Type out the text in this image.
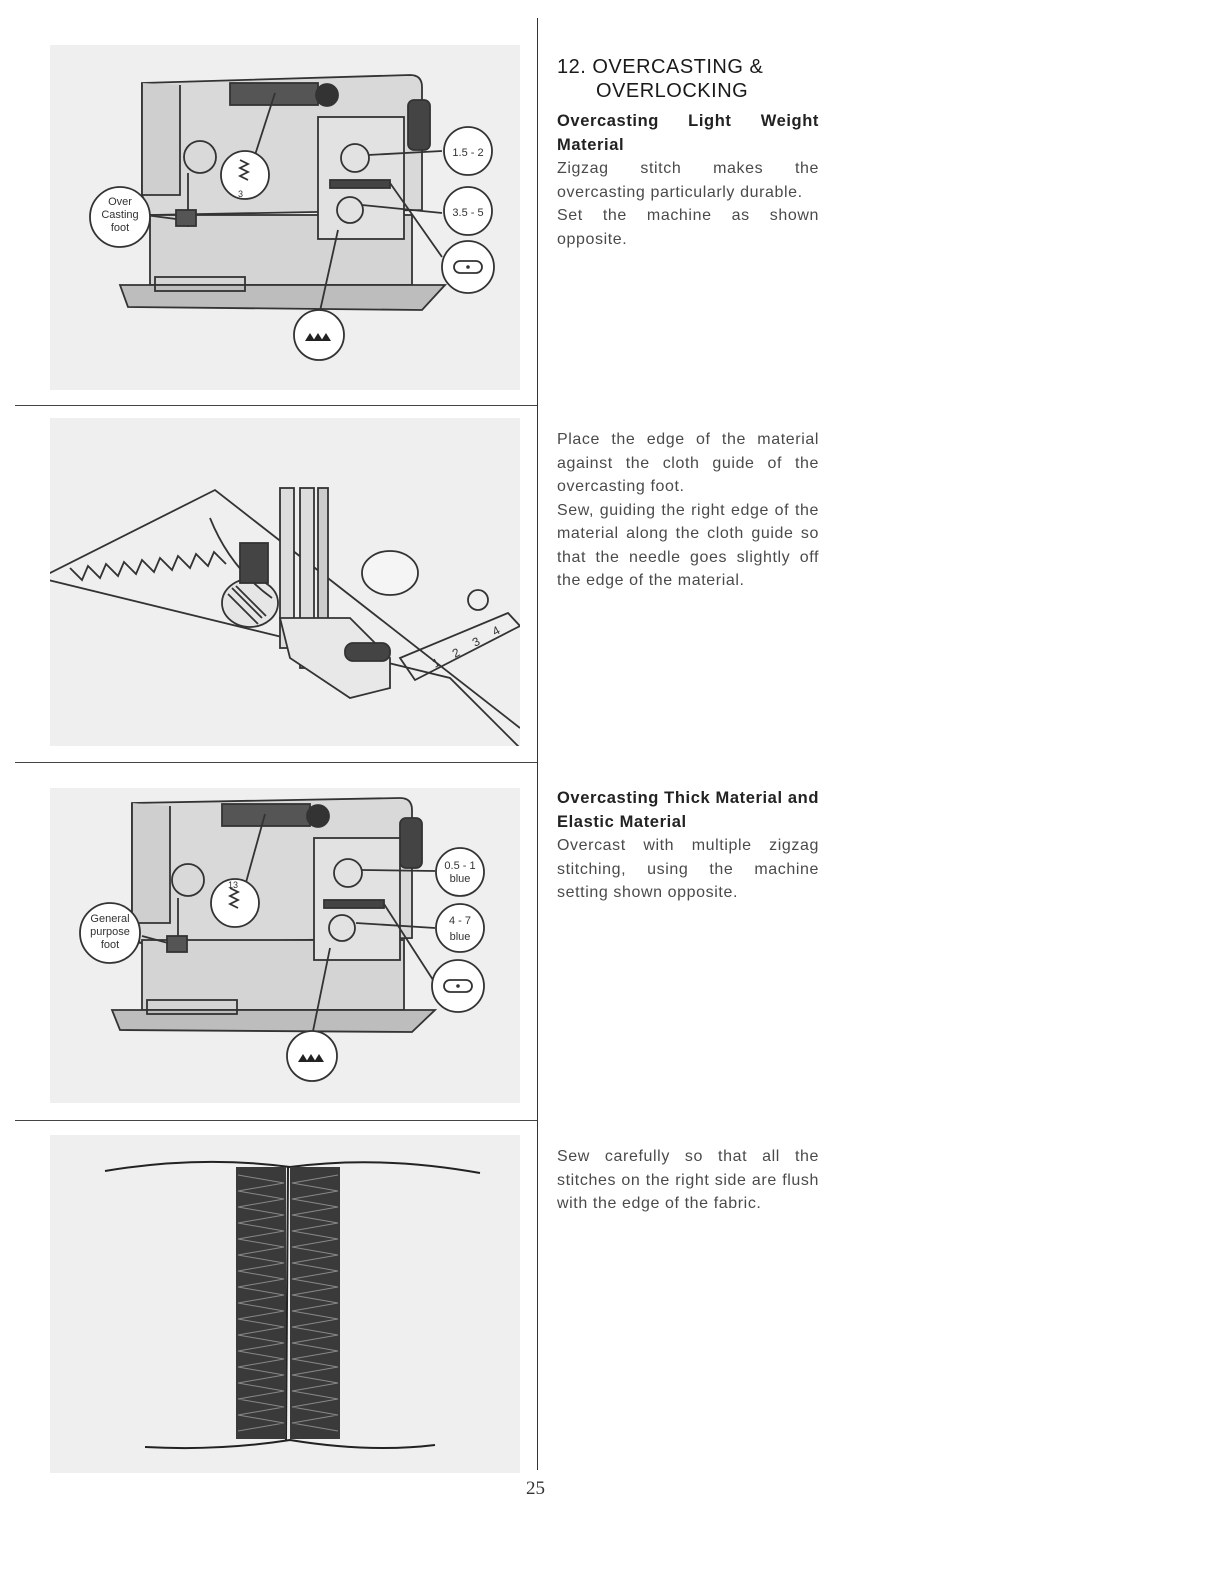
1.5 - 2
3.5 - 5
Over
Casting
foot
3
1
2
3
4
0.5 - 1
blue
4 - 7
blue
General
purpose
foot
13
12. OVERCASTING &
OVERLOCKING
Overcasting Light Weight Material

Zigzag stitch makes the overcasting particularly durable.

Set the machine as shown opposite.

Place the edge of the material against the cloth guide of the overcasting foot.

Sew, guiding the right edge of the material along the cloth guide so that the needle goes slightly off the edge of the material.

Overcasting Thick Material and Elastic Material

Overcast with multiple zigzag stitching, using the machine setting shown opposite.

Sew carefully so that all the stitches on the right side are flush with the edge of the fabric.

25
